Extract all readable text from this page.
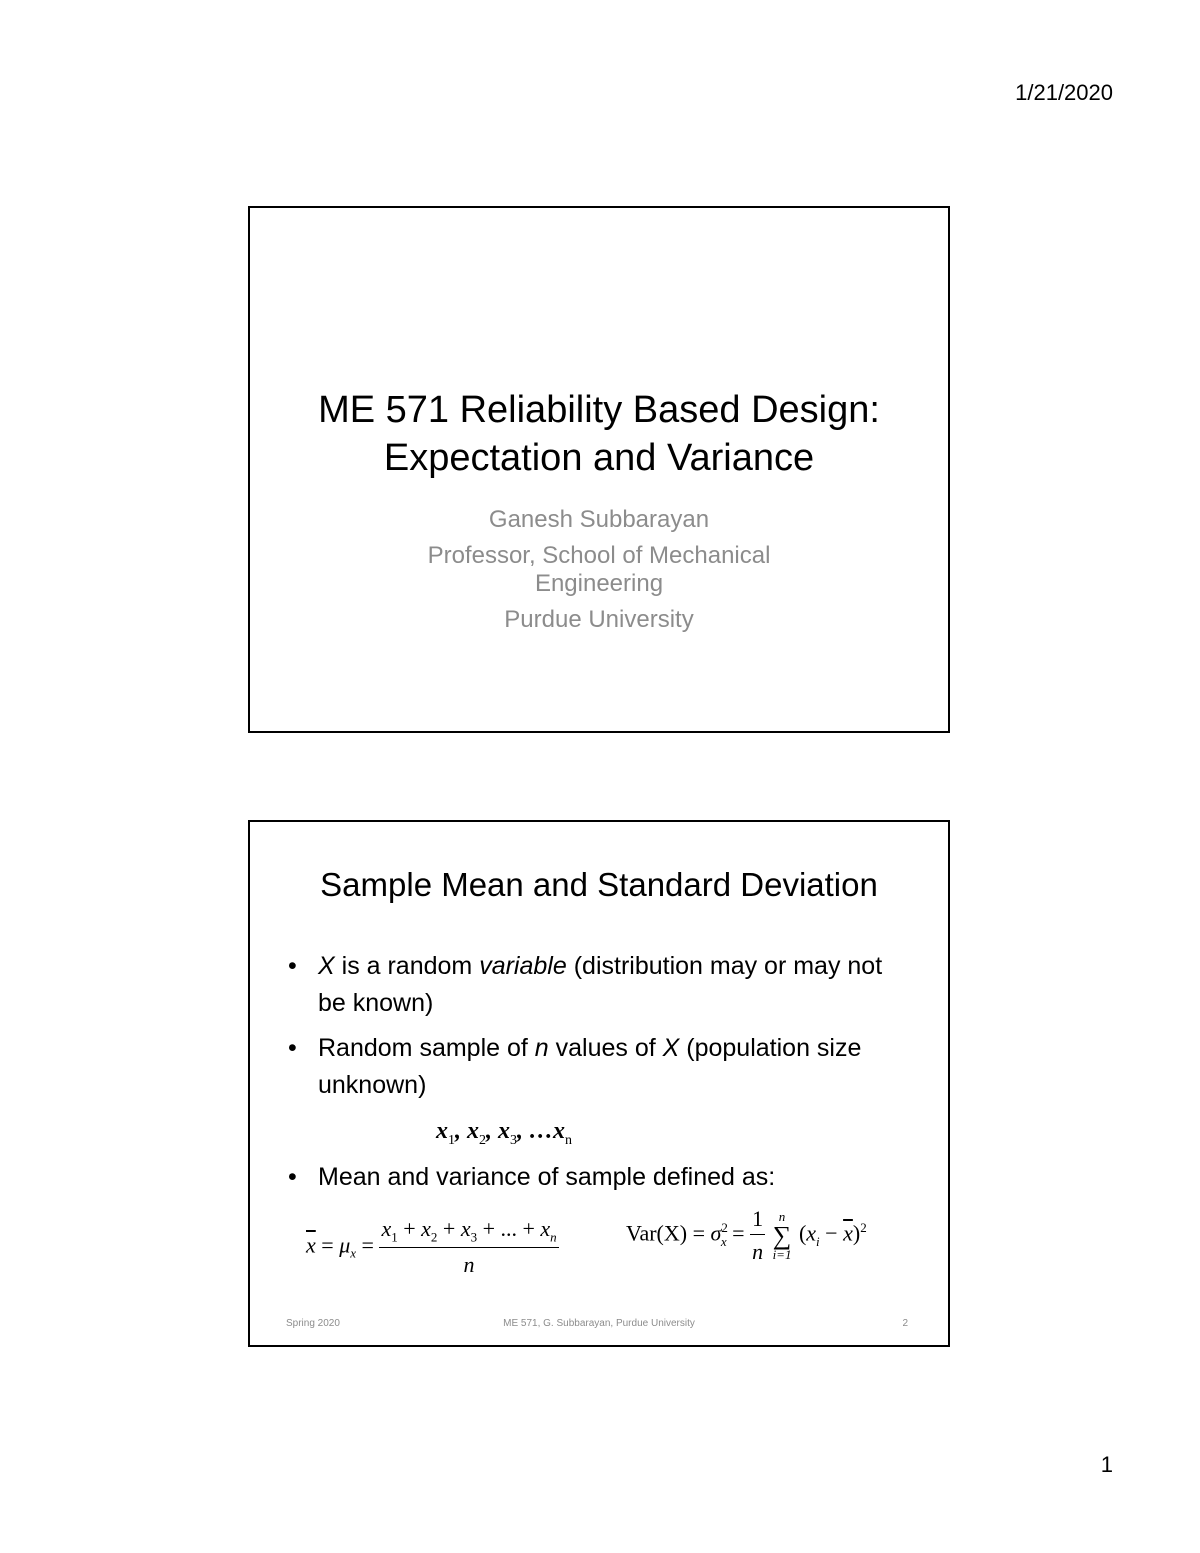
1/21/2020
ME 571 Reliability Based Design:
Expectation and Variance
Ganesh Subbarayan
Professor, School of Mechanical
Engineering
Purdue University
Sample Mean and Standard Deviation
• X is a random variable (distribution may or may not be known)
• Random sample of n values of X (population size unknown)
$x_1$, $x_2$, $x_3$, $\dots x_n$
• Mean and variance of sample defined as:
$\overline{x} = \mu_x = \frac{x_1 + x_2 + x_3 + ... + x_n}{n}$	$Var(X) = \sigma^2_x = \frac{1}{n}$
	n
∑
i=1
$(x_i - \overline{x})^2$
Spring 2020	ME 571, G. Subbarayan, Purdue University	2
1
